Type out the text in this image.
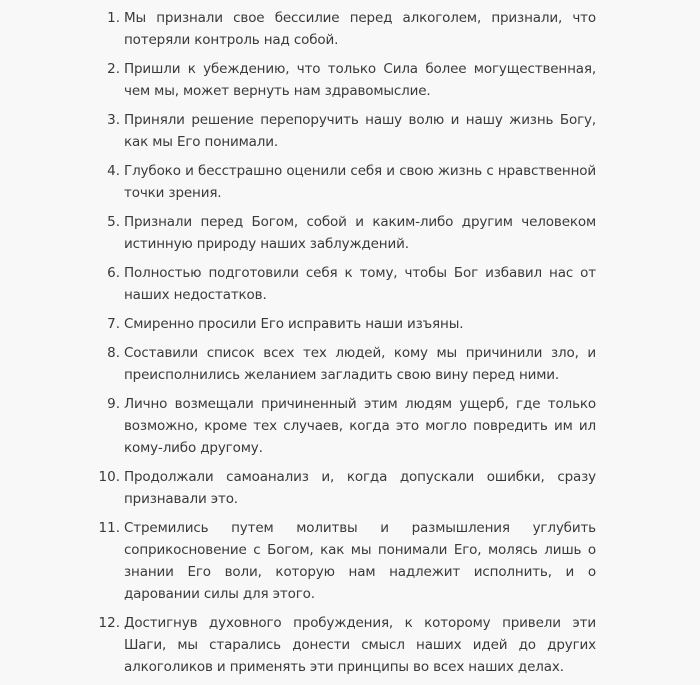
1. Мы признали свое бессилие перед алкоголем, признали, что потеряли контроль над собой.
2. Пришли к убеждению, что только Сила более могущественная, чем мы, может вернуть нам здравомыслие.
3. Приняли решение перепоручить нашу волю и нашу жизнь Богу, как мы Его понимали.
4. Глубоко и бесстрашно оценили себя и свою жизнь с нравственной точки зрения.
5. Признали перед Богом, собой и каким-либо другим человеком истинную природу наших заблуждений.
6. Полностью подготовили себя к тому, чтобы Бог избавил нас от наших недостатков.
7. Смиренно просили Его исправить наши изъяны.
8. Составили список всех тех людей, кому мы причинили зло, и преисполнились желанием загладить свою вину перед ними.
9. Лично возмещали причиненный этим людям ущерб, где только возможно, кроме тех случаев, когда это могло повредить им ил кому-либо другому.
10. Продолжали самоанализ и, когда допускали ошибки, сразу признавали это.
11. Стремились путем молитвы и размышления углубить соприкосновение с Богом, как мы понимали Его, молясь лишь о знании Его воли, которую нам надлежит исполнить, и о даровании силы для этого.
12. Достигнув духовного пробуждения, к которому привели эти Шаги, мы старались донести смысл наших идей до других алкоголиков и применять эти принципы во всех наших делах.
